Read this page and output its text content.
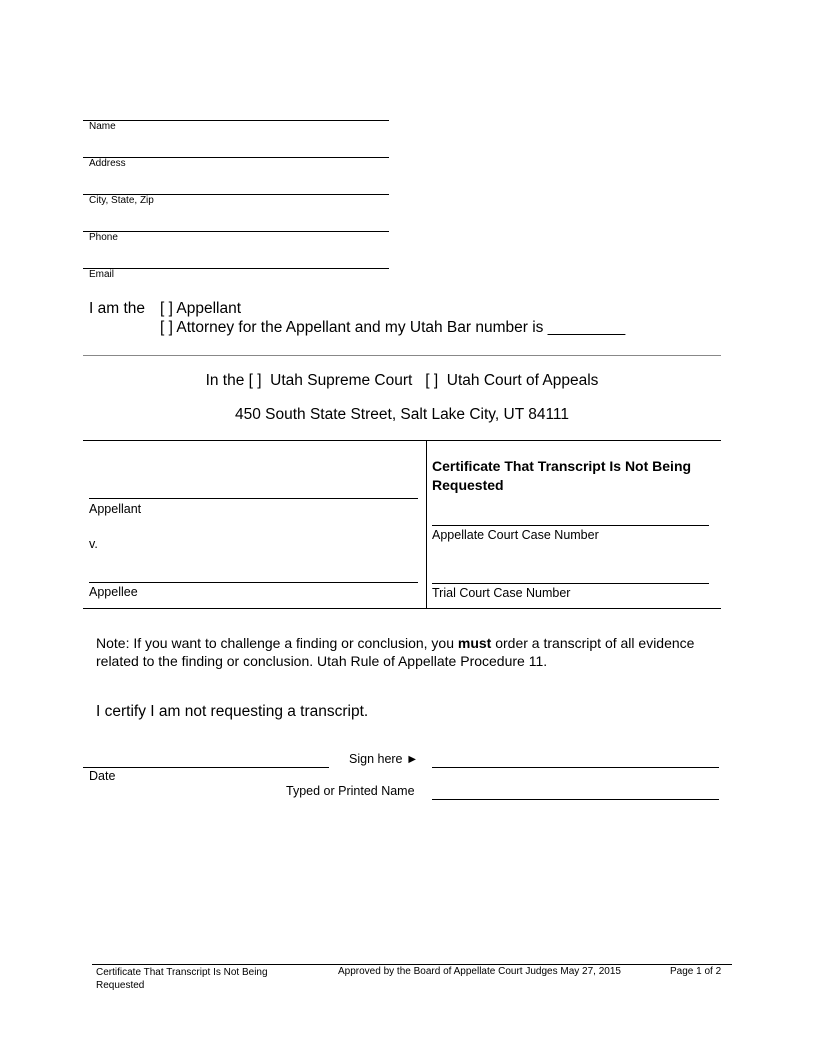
Name
Address
City, State, Zip
Phone
Email
I am the [ ] Appellant
[ ] Attorney for the Appellant and my Utah Bar number is _________
In the [ ]  Utah Supreme Court   [ ]  Utah Court of Appeals
450 South State Street, Salt Lake City, UT 84111
Appellant
v.
Appellee
Certificate That Transcript Is Not Being Requested
Appellate Court Case Number
Trial Court Case Number
Note: If you want to challenge a finding or conclusion, you must order a transcript of all evidence related to the finding or conclusion. Utah Rule of Appellate Procedure 11.
I certify I am not requesting a transcript.
Date
Sign here ►
Typed or Printed Name
Certificate That Transcript Is Not Being Requested
Approved by the Board of Appellate Court Judges May 27, 2015	Page 1 of 2
